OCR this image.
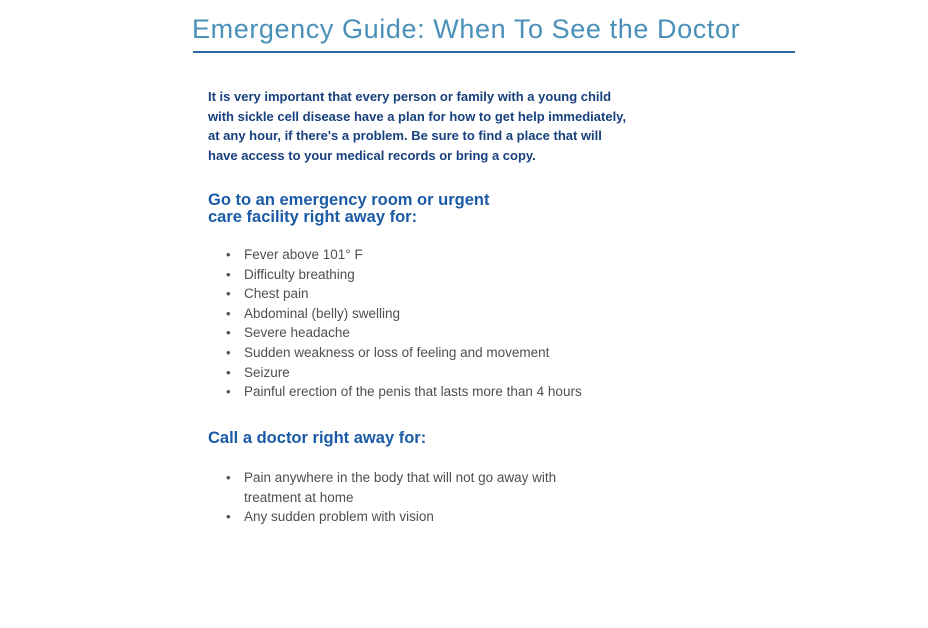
Emergency Guide: When To See the Doctor

It is very important that every person or family with a young child with sickle cell disease have a plan for how to get help immediately, at any hour, if there's a problem. Be sure to find a place that will have access to your medical records or bring a copy.

Go to an emergency room or urgent care facility right away for:
• Fever above 101° F
• Difficulty breathing
• Chest pain
• Abdominal (belly) swelling
• Severe headache
• Sudden weakness or loss of feeling and movement
• Seizure
• Painful erection of the penis that lasts more than 4 hours
Call a doctor right away for:
• Pain anywhere in the body that will not go away with treatment at home
• Any sudden problem with vision
